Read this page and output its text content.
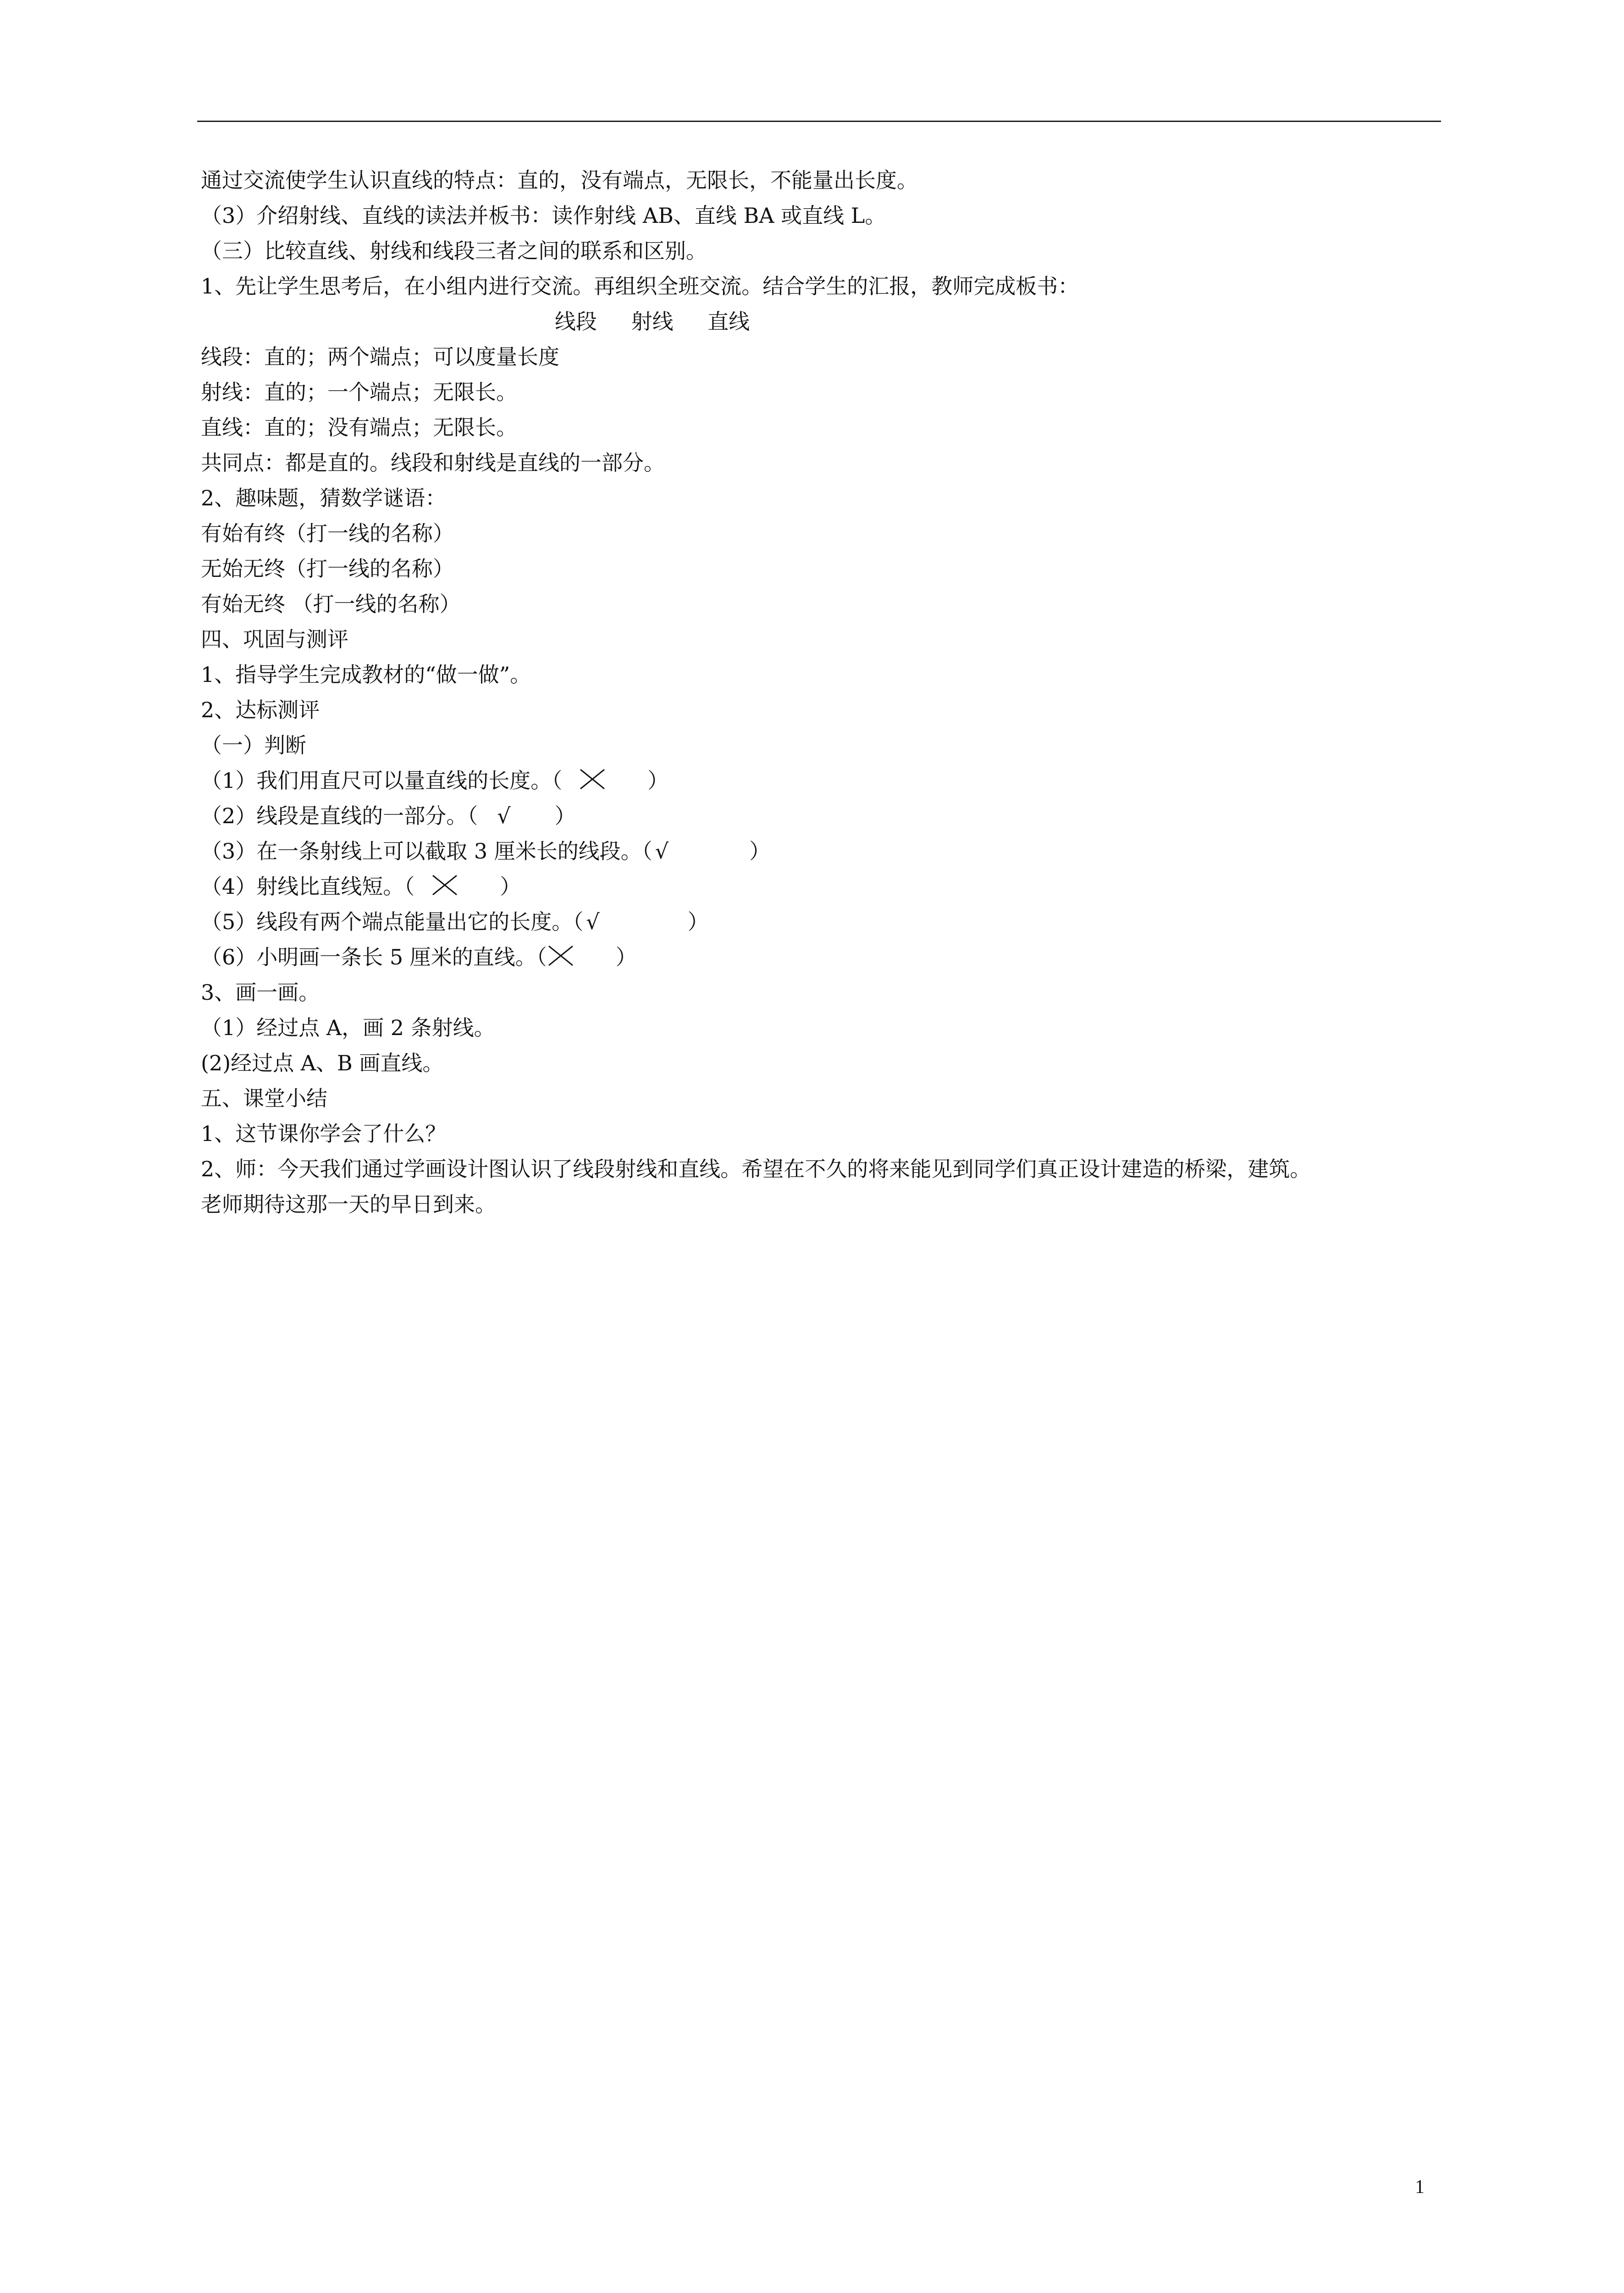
通过交流使学生认识直线的特点：直的，没有端点，无限长，不能量出长度。
（3）介绍射线、直线的读法并板书：读作射线 AB、直线 BA 或直线 L。
（三）比较直线、射线和线段三者之间的联系和区别。
1、先让学生思考后，在小组内进行交流。再组织全班交流。结合学生的汇报，教师完成板书：
线段 射线 直线
线段：直的；两个端点；可以度量长度
射线：直的；一个端点；无限长。
直线：直的；没有端点；无限长。
共同点：都是直的。线段和射线是直线的一部分。
2、趣味题，猜数学谜语：
有始有终（打一线的名称）
无始无终（打一线的名称）
有始无终 （打一线的名称）
四、巩固与测评
1、指导学生完成教材的“做一做”。
2、达标测评
（一）判断
（1）我们用直尺可以量直线的长度。（	）
（2）线段是直线的一部分。（ √ ）
（3）在一条射线上可以截取 3 厘米长的线段。（ √	）
（4）射线比直线短。（	）
（5）线段有两个端点能量出它的长度。（ √	）
（6）小明画一条长 5 厘米的直线。（	）
3、画一画。
（1）经过点 A，画 2 条射线。
(2)经过点 A、B 画直线。
五、课堂小结
1、这节课你学会了什么？
2、师：今天我们通过学画设计图认识了线段射线和直线。希望在不久的将来能见到同学们真正设计建造的桥梁，建筑。
老师期待这那一天的早日到来。
1
